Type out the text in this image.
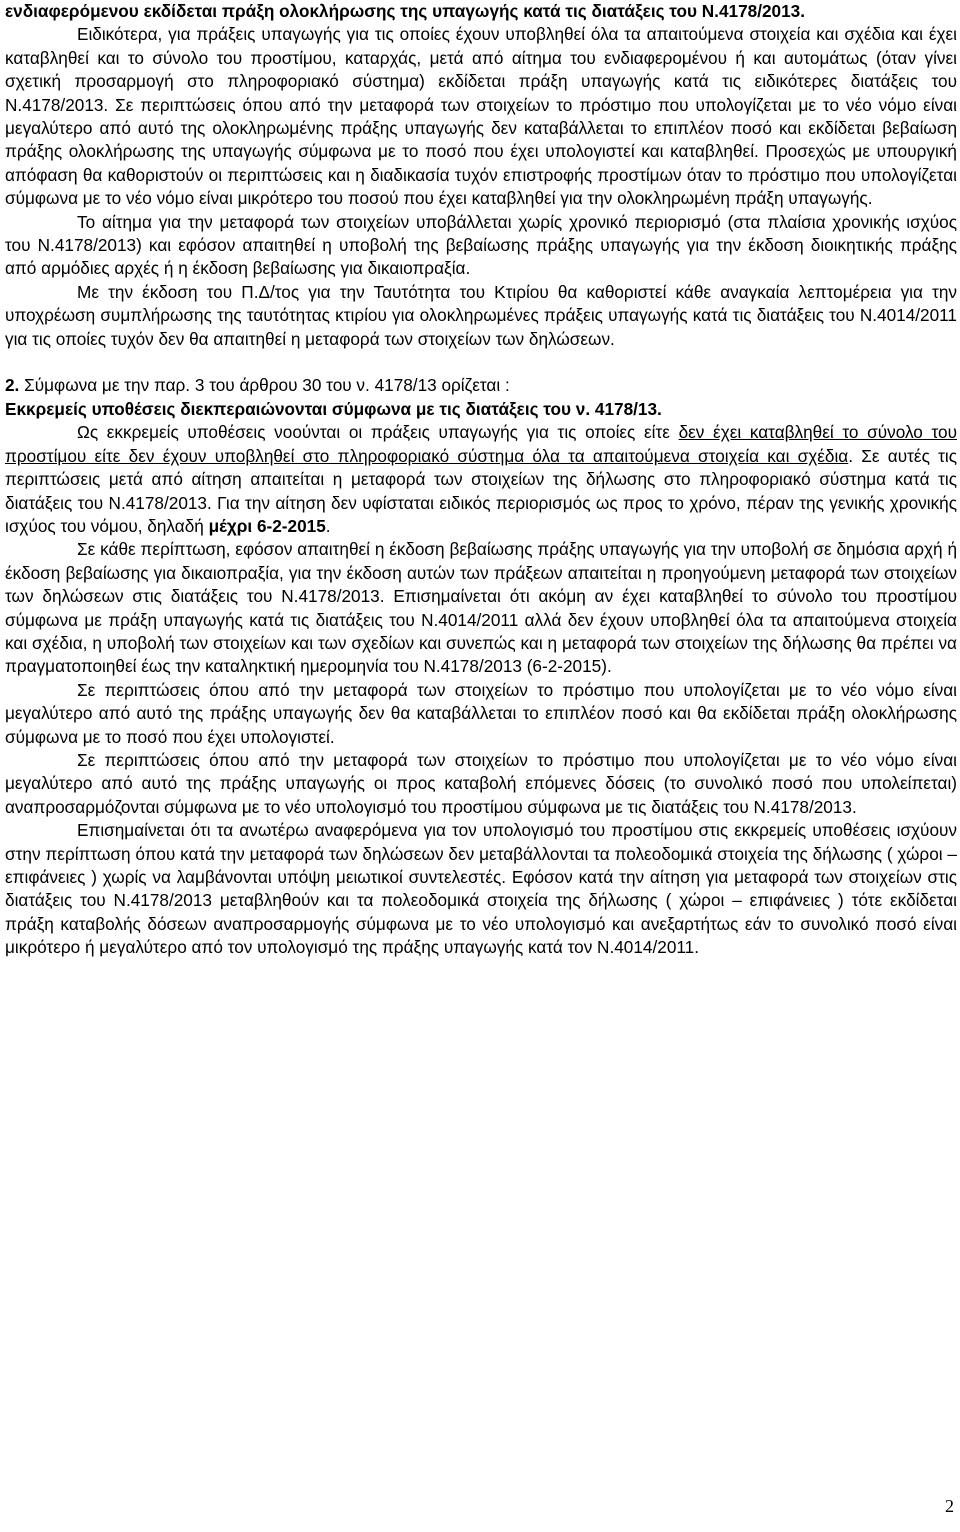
ενδιαφερόμενου εκδίδεται πράξη ολοκλήρωσης της υπαγωγής κατά τις διατάξεις του Ν.4178/2013.

Ειδικότερα, για πράξεις υπαγωγής για τις οποίες έχουν υποβληθεί όλα τα απαιτούμενα στοιχεία και σχέδια και έχει καταβληθεί και το σύνολο του προστίμου, καταρχάς, μετά από αίτημα του ενδιαφερομένου ή και αυτομάτως (όταν γίνει σχετική προσαρμογή στο πληροφοριακό σύστημα) εκδίδεται πράξη υπαγωγής κατά τις ειδικότερες διατάξεις του Ν.4178/2013. Σε περιπτώσεις όπου από την μεταφορά των στοιχείων το πρόστιμο που υπολογίζεται με το νέο νόμο είναι μεγαλύτερο από αυτό της ολοκληρωμένης πράξης υπαγωγής δεν καταβάλλεται το επιπλέον ποσό και εκδίδεται βεβαίωση πράξης ολοκλήρωσης της υπαγωγής σύμφωνα με το ποσό που έχει υπολογιστεί και καταβληθεί. Προσεχώς με υπουργική απόφαση θα καθοριστούν οι περιπτώσεις και η διαδικασία τυχόν επιστροφής προστίμων όταν το πρόστιμο που υπολογίζεται σύμφωνα με το νέο νόμο είναι μικρότερο του ποσού που έχει καταβληθεί για την ολοκληρωμένη πράξη υπαγωγής.

Το αίτημα για την μεταφορά των στοιχείων υποβάλλεται χωρίς χρονικό περιορισμό (στα πλαίσια χρονικής ισχύος του Ν.4178/2013) και εφόσον απαιτηθεί η υποβολή της βεβαίωσης πράξης υπαγωγής για την έκδοση διοικητικής πράξης από αρμόδιες αρχές ή η έκδοση βεβαίωσης για δικαιοπραξία.

Με την έκδοση του Π.Δ/τος για την Ταυτότητα του Κτιρίου θα καθοριστεί κάθε αναγκαία λεπτομέρεια για την υποχρέωση συμπλήρωσης της ταυτότητας κτιρίου για ολοκληρωμένες πράξεις υπαγωγής κατά τις διατάξεις του Ν.4014/2011 για τις οποίες τυχόν δεν θα απαιτηθεί η μεταφορά των στοιχείων των δηλώσεων.

2. Σύμφωνα με την παρ. 3 του άρθρου 30 του ν. 4178/13 ορίζεται :

Εκκρεμείς υποθέσεις διεκπεραιώνονται σύμφωνα με τις διατάξεις του ν. 4178/13.

Ως εκκρεμείς υποθέσεις νοούνται οι πράξεις υπαγωγής για τις οποίες είτε δεν έχει καταβληθεί το σύνολο του προστίμου είτε δεν έχουν υποβληθεί στο πληροφοριακό σύστημα όλα τα απαιτούμενα στοιχεία και σχέδια. Σε αυτές τις περιπτώσεις μετά από αίτηση απαιτείται η μεταφορά των στοιχείων της δήλωσης στο πληροφοριακό σύστημα κατά τις διατάξεις του Ν.4178/2013. Για την αίτηση δεν υφίσταται ειδικός περιορισμός ως προς το χρόνο, πέραν της γενικής χρονικής ισχύος του νόμου, δηλαδή μέχρι 6-2-2015.

Σε κάθε περίπτωση, εφόσον απαιτηθεί η έκδοση βεβαίωσης πράξης υπαγωγής για την υποβολή σε δημόσια αρχή ή έκδοση βεβαίωσης για δικαιοπραξία, για την έκδοση αυτών των πράξεων απαιτείται η προηγούμενη μεταφορά των στοιχείων των δηλώσεων στις διατάξεις του Ν.4178/2013. Επισημαίνεται ότι ακόμη αν έχει καταβληθεί το σύνολο του προστίμου σύμφωνα με πράξη υπαγωγής κατά τις διατάξεις του Ν.4014/2011 αλλά δεν έχουν υποβληθεί όλα τα απαιτούμενα στοιχεία και σχέδια, η υποβολή των στοιχείων και των σχεδίων και συνεπώς και η μεταφορά των στοιχείων της δήλωσης θα πρέπει να πραγματοποιηθεί έως την καταληκτική ημερομηνία του Ν.4178/2013 (6-2-2015).

Σε περιπτώσεις όπου από την μεταφορά των στοιχείων το πρόστιμο που υπολογίζεται με το νέο νόμο είναι μεγαλύτερο από αυτό της πράξης υπαγωγής δεν θα καταβάλλεται το επιπλέον ποσό και θα εκδίδεται πράξη ολοκλήρωσης σύμφωνα με το ποσό που έχει υπολογιστεί.

Σε περιπτώσεις όπου από την μεταφορά των στοιχείων το πρόστιμο που υπολογίζεται με το νέο νόμο είναι μεγαλύτερο από αυτό της πράξης υπαγωγής οι προς καταβολή επόμενες δόσεις (το συνολικό ποσό που υπολείπεται) αναπροσαρμόζονται σύμφωνα με το νέο υπολογισμό του προστίμου σύμφωνα με τις διατάξεις του Ν.4178/2013.

Επισημαίνεται ότι τα ανωτέρω αναφερόμενα για τον υπολογισμό του προστίμου στις εκκρεμείς υποθέσεις ισχύουν στην περίπτωση όπου κατά την μεταφορά των δηλώσεων δεν μεταβάλλονται τα πολεοδομικά στοιχεία της δήλωσης ( χώροι – επιφάνειες ) χωρίς να λαμβάνονται υπόψη μειωτικοί συντελεστές. Εφόσον κατά την αίτηση για μεταφορά των στοιχείων στις διατάξεις του Ν.4178/2013 μεταβληθούν και τα πολεοδομικά στοιχεία της δήλωσης ( χώροι – επιφάνειες ) τότε εκδίδεται πράξη καταβολής δόσεων αναπροσαρμογής σύμφωνα με το νέο υπολογισμό και ανεξαρτήτως εάν το συνολικό ποσό είναι μικρότερο ή μεγαλύτερο από τον υπολογισμό της πράξης υπαγωγής κατά τον Ν.4014/2011.

2
